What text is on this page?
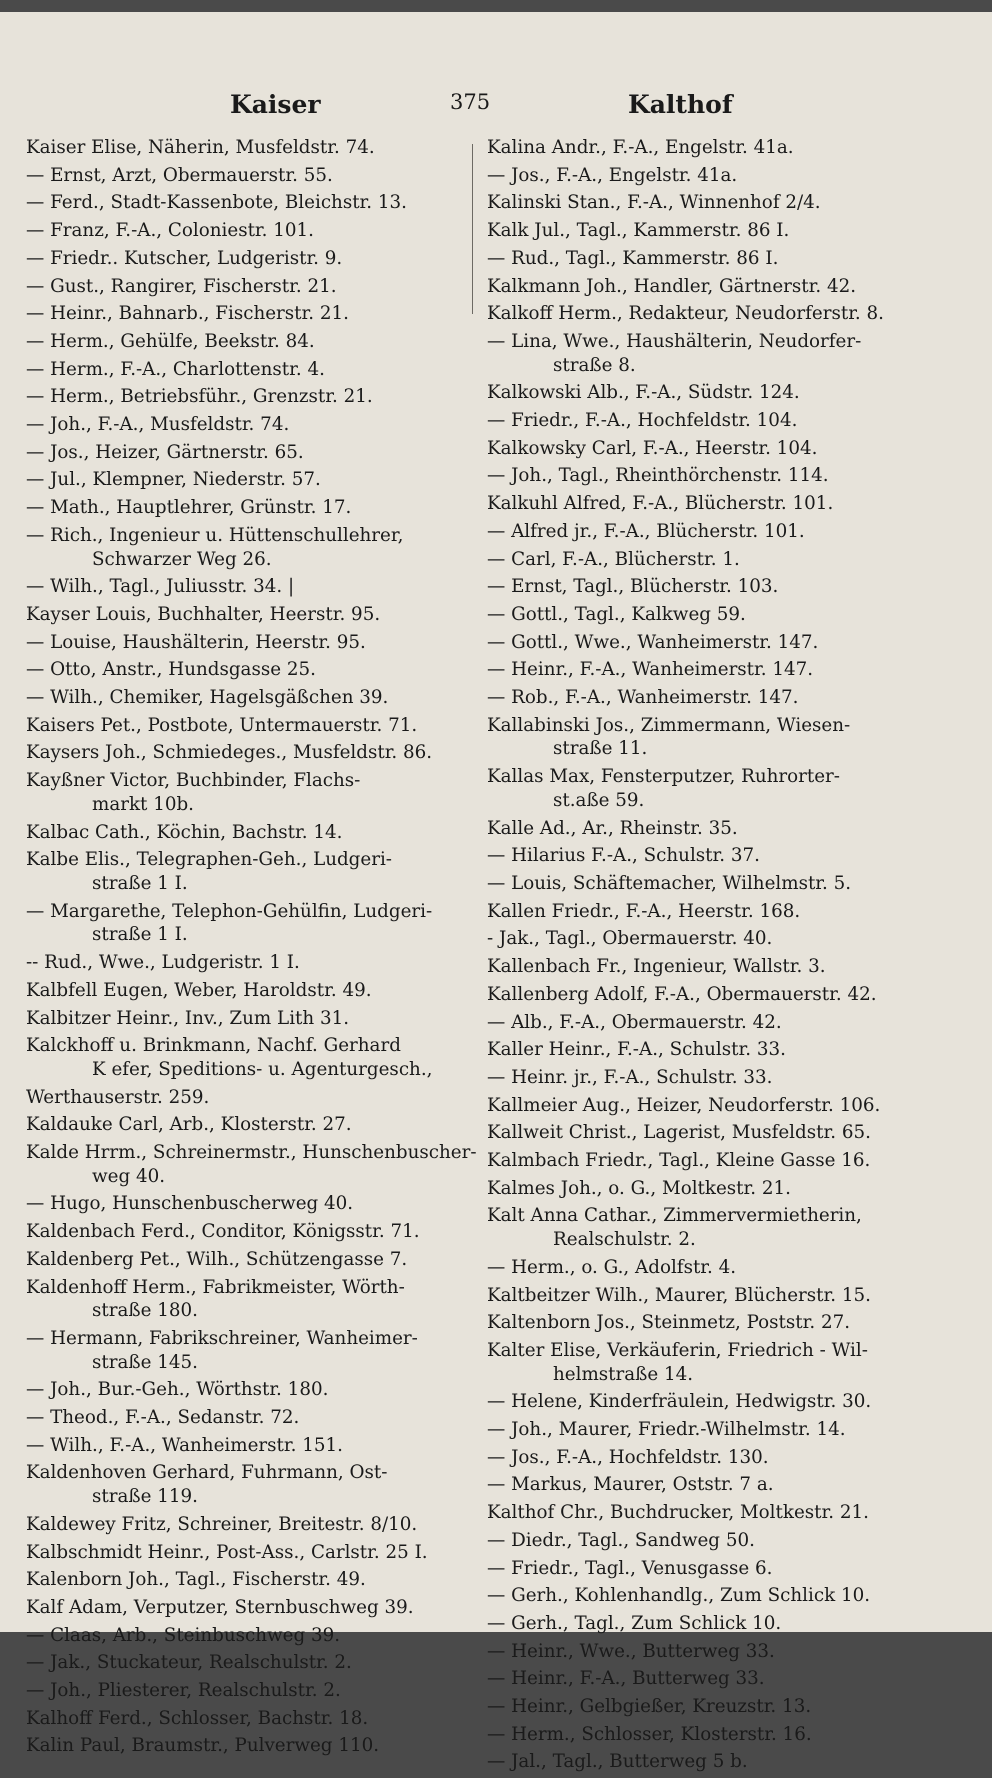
Kaiser	375	Kalthof
Kaiser Elise, Näherin, Musfeldstr. 74.
— Ernst, Arzt, Obermauerstr. 55.
— Ferd., Stadt-Kassenbote, Bleichstr. 13.
— Franz, F.-A., Coloniestr. 101.
— Friedr.. Kutscher, Ludgeristr. 9.
— Gust., Rangirer, Fischerstr. 21.
— Heinr., Bahnarb., Fischerstr. 21.
— Herm., Gehülfe, Beekstr. 84.
— Herm., F.-A., Charlottenstr. 4.
— Herm., Betriebsführ., Grenzstr. 21.
— Joh., F.-A., Musfeldstr. 74.
— Jos., Heizer, Gärtnerstr. 65.
— Jul., Klempner, Niederstr. 57.
— Math., Hauptlehrer, Grünstr. 17.
— Rich., Ingenieur u. Hüttenschullehrer,
Schwarzer Weg 26.
— Wilh., Tagl., Juliusstr. 34. |
Kayser Louis, Buchhalter, Heerstr. 95.
— Louise, Haushälterin, Heerstr. 95.
— Otto, Anstr., Hundsgasse 25.
— Wilh., Chemiker, Hagelsgäßchen 39.
Kaisers Pet., Postbote, Untermauerstr. 71.
Kaysers Joh., Schmiedeges., Musfeldstr. 86.
Kayßner Victor, Buchbinder, Flachs-
markt 10b.
Kalbac Cath., Köchin, Bachstr. 14.
Kalbe Elis., Telegraphen-Geh., Ludgeri-
straße 1 I.
— Margarethe, Telephon-Gehülfin, Ludgeri-
straße 1 I.
-- Rud., Wwe., Ludgeristr. 1 I.
Kalbfell Eugen, Weber, Haroldstr. 49.
Kalbitzer Heinr., Inv., Zum Lith 31.
Kalckhoff u. Brinkmann, Nachf. Gerhard
K efer, Speditions- u. Agenturgesch.,
Werthauserstr. 259.
Kaldauke Carl, Arb., Klosterstr. 27.
Kalde Hrrm., Schreinermstr., Hunschenbuscher-
weg 40.
— Hugo, Hunschenbuscherweg 40.
Kaldenbach Ferd., Conditor, Königsstr. 71.
Kaldenberg Pet., Wilh., Schützengasse 7.
Kaldenhoff Herm., Fabrikmeister, Wörth-
straße 180.
— Hermann, Fabrikschreiner, Wanheimer-
straße 145.
— Joh., Bur.-Geh., Wörthstr. 180.
— Theod., F.-A., Sedanstr. 72.
— Wilh., F.-A., Wanheimerstr. 151.
Kaldenhoven Gerhard, Fuhrmann, Ost-
straße 119.
Kaldewey Fritz, Schreiner, Breitestr. 8/10.
Kalbschmidt Heinr., Post-Ass., Carlstr. 25 I.
Kalenborn Joh., Tagl., Fischerstr. 49.
Kalf Adam, Verputzer, Sternbuschweg 39.
— Claas, Arb., Steinbuschweg 39.
— Jak., Stuckateur, Realschulstr. 2.
— Joh., Pliesterer, Realschulstr. 2.
Kalhoff Ferd., Schlosser, Bachstr. 18.
Kalin Paul, Braumstr., Pulverweg 110.
Kalina Andr., F.-A., Engelstr. 41a.
— Jos., F.-A., Engelstr. 41a.
Kalinski Stan., F.-A., Winnenhof 2/4.
Kalk Jul., Tagl., Kammerstr. 86 I.
— Rud., Tagl., Kammerstr. 86 I.
Kalkmann Joh., Handler, Gärtnerstr. 42.
Kalkoff Herm., Redakteur, Neudorferstr. 8.
— Lina, Wwe., Haushälterin, Neudorfer-
straße 8.
Kalkowski Alb., F.-A., Südstr. 124.
— Friedr., F.-A., Hochfeldstr. 104.
Kalkowsky Carl, F.-A., Heerstr. 104.
— Joh., Tagl., Rheinthörchenstr. 114.
Kalkuhl Alfred, F.-A., Blücherstr. 101.
— Alfred jr., F.-A., Blücherstr. 101.
— Carl, F.-A., Blücherstr. 1.
— Ernst, Tagl., Blücherstr. 103.
— Gottl., Tagl., Kalkweg 59.
— Gottl., Wwe., Wanheimerstr. 147.
— Heinr., F.-A., Wanheimerstr. 147.
— Rob., F.-A., Wanheimerstr. 147.
Kallabinski Jos., Zimmermann, Wiesen-
straße 11.
Kallas Max, Fensterputzer, Ruhrorter-
st.aße 59.
Kalle Ad., Ar., Rheinstr. 35.
— Hilarius F.-A., Schulstr. 37.
— Louis, Schäftemacher, Wilhelmstr. 5.
Kallen Friedr., F.-A., Heerstr. 168.
- Jak., Tagl., Obermauerstr. 40.
Kallenbach Fr., Ingenieur, Wallstr. 3.
Kallenberg Adolf, F.-A., Obermauerstr. 42.
— Alb., F.-A., Obermauerstr. 42.
Kaller Heinr., F.-A., Schulstr. 33.
— Heinr. jr., F.-A., Schulstr. 33.
Kallmeier Aug., Heizer, Neudorferstr. 106.
Kallweit Christ., Lagerist, Musfeldstr. 65.
Kalmbach Friedr., Tagl., Kleine Gasse 16.
Kalmes Joh., o. G., Moltkestr. 21.
Kalt Anna Cathar., Zimmervermietherin,
Realschulstr. 2.
— Herm., o. G., Adolfstr. 4.
Kaltbeitzer Wilh., Maurer, Blücherstr. 15.
Kaltenborn Jos., Steinmetz, Poststr. 27.
Kalter Elise, Verkäuferin, Friedrich - Wil-
helmstraße 14.
— Helene, Kinderfräulein, Hedwigstr. 30.
— Joh., Maurer, Friedr.-Wilhelmstr. 14.
— Jos., F.-A., Hochfeldstr. 130.
— Markus, Maurer, Oststr. 7 a.
Kalthof Chr., Buchdrucker, Moltkestr. 21.
— Diedr., Tagl., Sandweg 50.
— Friedr., Tagl., Venusgasse 6.
— Gerh., Kohlenhandlg., Zum Schlick 10.
— Gerh., Tagl., Zum Schlick 10.
— Heinr., Wwe., Butterweg 33.
— Heinr., F.-A., Butterweg 33.
— Heinr., Gelbgießer, Kreuzstr. 13.
— Herm., Schlosser, Klosterstr. 16.
— Jal., Tagl., Butterweg 5 b.
